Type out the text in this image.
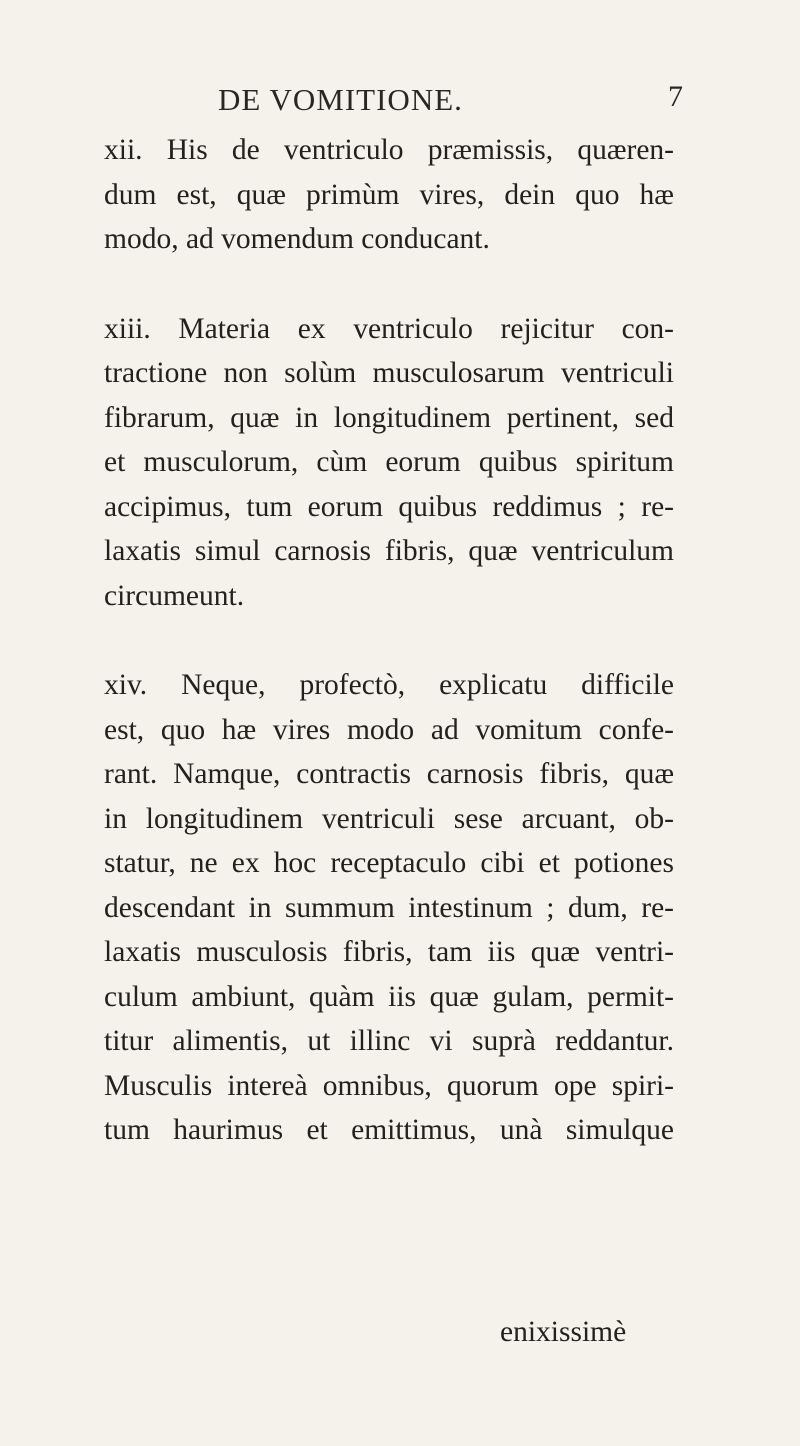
DE VOMITIONE.	7
xii. His de ventriculo præmissis, quæren-
dum est, quæ primùm vires, dein quo hæ
modo, ad vomendum conducant.
xiii. Materia ex ventriculo rejicitur con-
tractione non solùm musculosarum ventriculi
fibrarum, quæ in longitudinem pertinent, sed
et musculorum, cùm eorum quibus spiritum
accipimus, tum eorum quibus reddimus ; re-
laxatis simul carnosis fibris, quæ ventriculum
circumeunt.
xiv. Neque, profectò, explicatu difficile
est, quo hæ vires modo ad vomitum confe-
rant. Namque, contractis carnosis fibris, quæ
in longitudinem ventriculi sese arcuant, ob-
statur, ne ex hoc receptaculo cibi et potiones
descendant in summum intestinum ; dum, re-
laxatis musculosis fibris, tam iis quæ ventri-
culum ambiunt, quàm iis quæ gulam, permit-
titur alimentis, ut illinc vi suprà reddantur.
Musculis intereà omnibus, quorum ope spiri-
tum haurimus et emittimus, unà simulque
enixissimè
